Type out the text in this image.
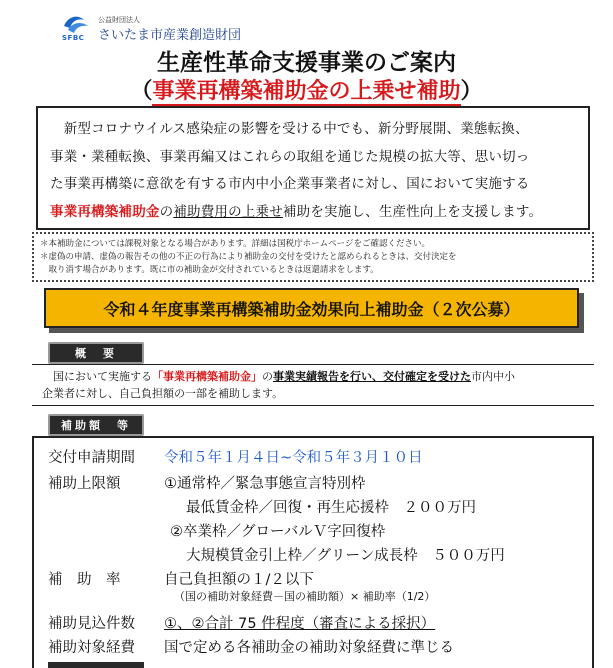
SFBC
公益財団法人
さいたま市産業創造財団
生産性革命支援事業のご案内
（事業再構築補助金の上乗せ補助）

　新型コロナウイルス感染症の影響を受ける中でも、新分野展開、業態転換、

事業・業種転換、事業再編又はこれらの取組を通じた規模の拡大等、思い切っ

た事業再構築に意欲を有する市内中小企業事業者に対し、国において実施する

事業再構築補助金の補助費用の上乗せ補助を実施し、生産性向上を支援します。

＊本補助金については課税対象となる場合があります。詳細は国税庁ホームページをご確認ください。

＊虚偽の申請、虚偽の報告その他の不正の行為により補助金の交付を受けたと認められるときは、交付決定を

　取り消す場合があります。既に市の補助金が交付されているときは返還請求をします。

令和４年度事業再構築補助金効果向上補助金（２次公募）
概　要

　国において実施する「事業再構築補助金」の事業実績報告を行い、交付確定を受けた市内中小

企業者に対し、自己負担額の一部を補助します。

補助額　等
交付申請期間 令和５年１月４日~令和５年３月１０日
補助上限額	①通常枠／緊急事態宣言特別枠
最低賃金枠／回復・再生応援枠　２００万円
②卒業枠／グローバルＶ字回復枠
大規模賃金引上枠／グリーン成長枠　５００万円
補　助　率	自己負担額の１/２以下
（国の補助対象経費－国の補助額）× 補助率（1/2）
補助見込件数 ①、②合計 75 件程度（審査による採択）
補助対象経費 国で定める各補助金の補助対象経費に準じる
